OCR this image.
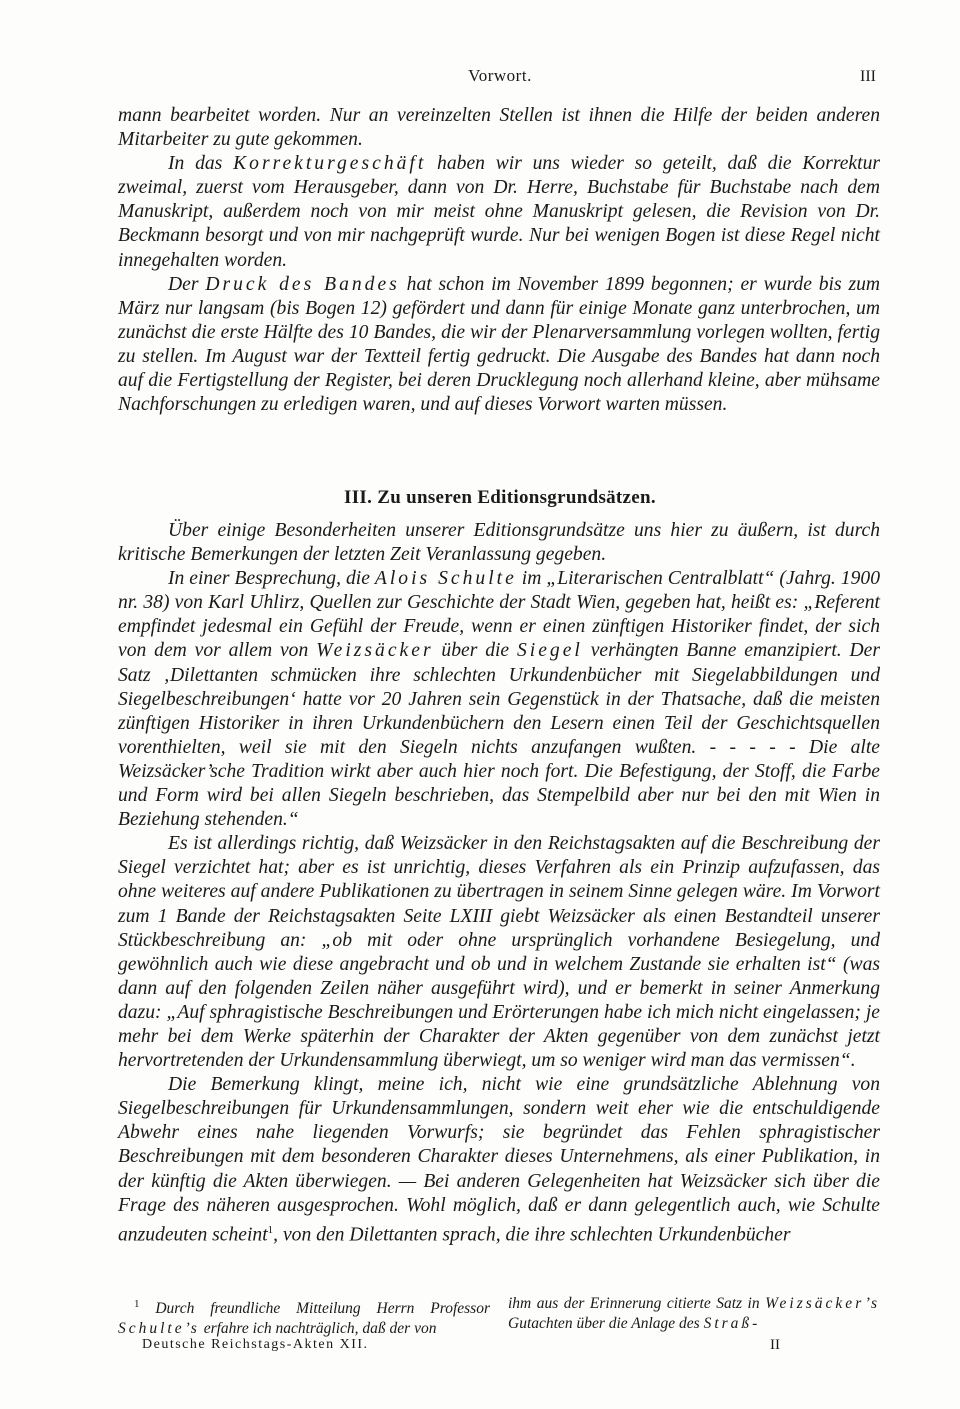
Vorwort.	III

mann bearbeitet worden. Nur an vereinzelten Stellen ist ihnen die Hilfe der beiden anderen Mitarbeiter zu gute gekommen.

In das Korrekturgeschäft haben wir uns wieder so geteilt, daß die Korrektur zweimal, zuerst vom Herausgeber, dann von Dr. Herre, Buchstabe für Buchstabe nach dem Manuskript, außerdem noch von mir meist ohne Manuskript gelesen, die Revision von Dr. Beckmann besorgt und von mir nachgeprüft wurde. Nur bei wenigen Bogen ist diese Regel nicht innegehalten worden.

Der Druck des Bandes hat schon im November 1899 begonnen; er wurde bis zum März nur langsam (bis Bogen 12) gefördert und dann für einige Monate ganz unterbrochen, um zunächst die erste Hälfte des 10 Bandes, die wir der Plenarversammlung vorlegen wollten, fertig zu stellen. Im August war der Textteil fertig gedruckt. Die Ausgabe des Bandes hat dann noch auf die Fertigstellung der Register, bei deren Drucklegung noch allerhand kleine, aber mühsame Nachforschungen zu erledigen waren, und auf dieses Vorwort warten müssen.

III. Zu unseren Editionsgrundsätzen.

Über einige Besonderheiten unserer Editionsgrundsätze uns hier zu äußern, ist durch kritische Bemerkungen der letzten Zeit Veranlassung gegeben.

In einer Besprechung, die Alois Schulte im „Literarischen Centralblatt“ (Jahrg. 1900 nr. 38) von Karl Uhlirz, Quellen zur Geschichte der Stadt Wien, gegeben hat, heißt es: „Referent empfindet jedesmal ein Gefühl der Freude, wenn er einen zünftigen Historiker findet, der sich von dem vor allem von Weizsäcker über die Siegel verhängten Banne emanzipiert. Der Satz ‚Dilettanten schmücken ihre schlechten Urkundenbücher mit Siegelabbildungen und Siegelbeschreibungen‘ hatte vor 20 Jahren sein Gegenstück in der Thatsache, daß die meisten zünftigen Historiker in ihren Urkundenbüchern den Lesern einen Teil der Geschichtsquellen vorenthielten, weil sie mit den Siegeln nichts anzufangen wußten. - - - - - Die alte Weizsäcker’sche Tradition wirkt aber auch hier noch fort. Die Befestigung, der Stoff, die Farbe und Form wird bei allen Siegeln beschrieben, das Stempelbild aber nur bei den mit Wien in Beziehung stehenden.“

Es ist allerdings richtig, daß Weizsäcker in den Reichstagsakten auf die Beschreibung der Siegel verzichtet hat; aber es ist unrichtig, dieses Verfahren als ein Prinzip aufzufassen, das ohne weiteres auf andere Publikationen zu übertragen in seinem Sinne gelegen wäre. Im Vorwort zum 1 Bande der Reichstagsakten Seite LXIII giebt Weizsäcker als einen Bestandteil unserer Stückbeschreibung an: „ob mit oder ohne ursprünglich vorhandene Besiegelung, und gewöhnlich auch wie diese angebracht und ob und in welchem Zustande sie erhalten ist“ (was dann auf den folgenden Zeilen näher ausgeführt wird), und er bemerkt in seiner Anmerkung dazu: „Auf sphragistische Beschreibungen und Erörterungen habe ich mich nicht eingelassen; je mehr bei dem Werke späterhin der Charakter der Akten gegenüber von dem zunächst jetzt hervortretenden der Urkundensammlung überwiegt, um so weniger wird man das vermissen“.

Die Bemerkung klingt, meine ich, nicht wie eine grundsätzliche Ablehnung von Siegelbeschreibungen für Urkundensammlungen, sondern weit eher wie die entschuldigende Abwehr eines nahe liegenden Vorwurfs; sie begründet das Fehlen sphragistischer Beschreibungen mit dem besonderen Charakter dieses Unternehmens, als einer Publikation, in der künftig die Akten überwiegen. — Bei anderen Gelegenheiten hat Weizsäcker sich über die Frage des näheren ausgesprochen. Wohl möglich, daß er dann gelegentlich auch, wie Schulte anzudeuten scheint$^1$, von den Dilettanten sprach, die ihre schlechten Urkundenbücher

$^1$ Durch freundliche Mitteilung Herrn Professor Schulte’s erfahre ich nachträglich, daß der von
ihm aus der Erinnerung citierte Satz in Weizsäcker’s Gutachten über die Anlage des Straß-
Deutsche Reichstags-Akten XII.	II
